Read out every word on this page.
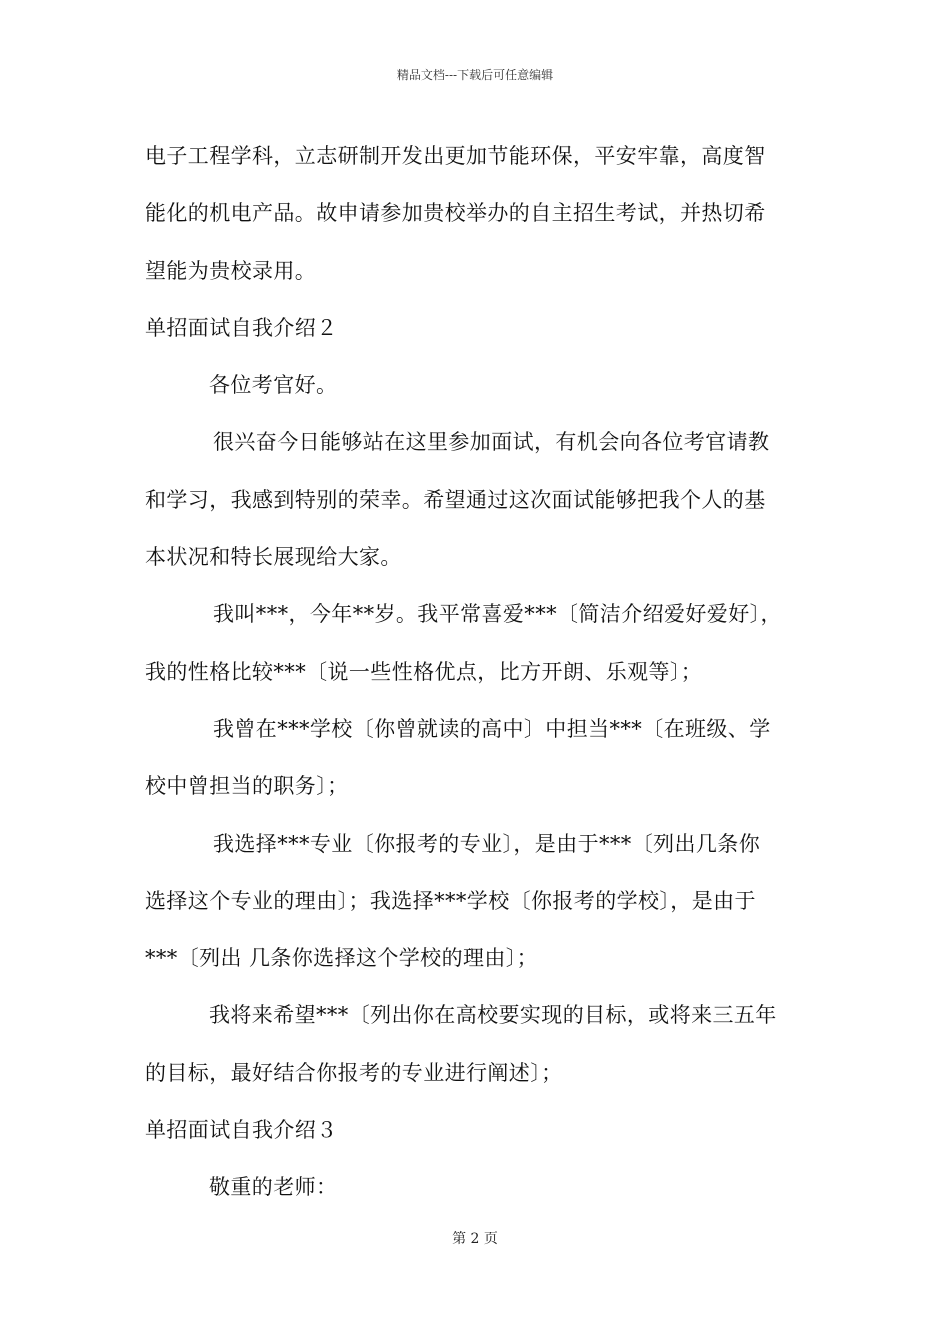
精品文档---下载后可任意编辑
电子工程学科，立志研制开发出更加节能环保，平安牢靠，高度智
能化的机电产品。故申请参加贵校举办的自主招生考试，并热切希
望能为贵校录用。
单招面试自我介绍２
各位考官好。
很兴奋今日能够站在这里参加面试，有机会向各位考官请教
和学习，我感到特别的荣幸。希望通过这次面试能够把我个人的基
本状况和特长展现给大家。
我叫***，今年**岁。我平常喜爱***〔简洁介绍爱好爱好〕，
我的性格比较***〔说一些性格优点，比方开朗、乐观等〕；
我曾在***学校〔你曾就读的高中〕中担当***〔在班级、学
校中曾担当的职务〕；
我选择***专业〔你报考的专业〕，是由于***〔列出几条你
选择这个专业的理由〕；我选择***学校〔你报考的学校〕，是由于
***〔列出 几条你选择这个学校的理由〕；
我将来希望***〔列出你在高校要实现的目标，或将来三五年
的目标，最好结合你报考的专业进行阐述〕；
单招面试自我介绍３
敬重的老师：
第 2 页
